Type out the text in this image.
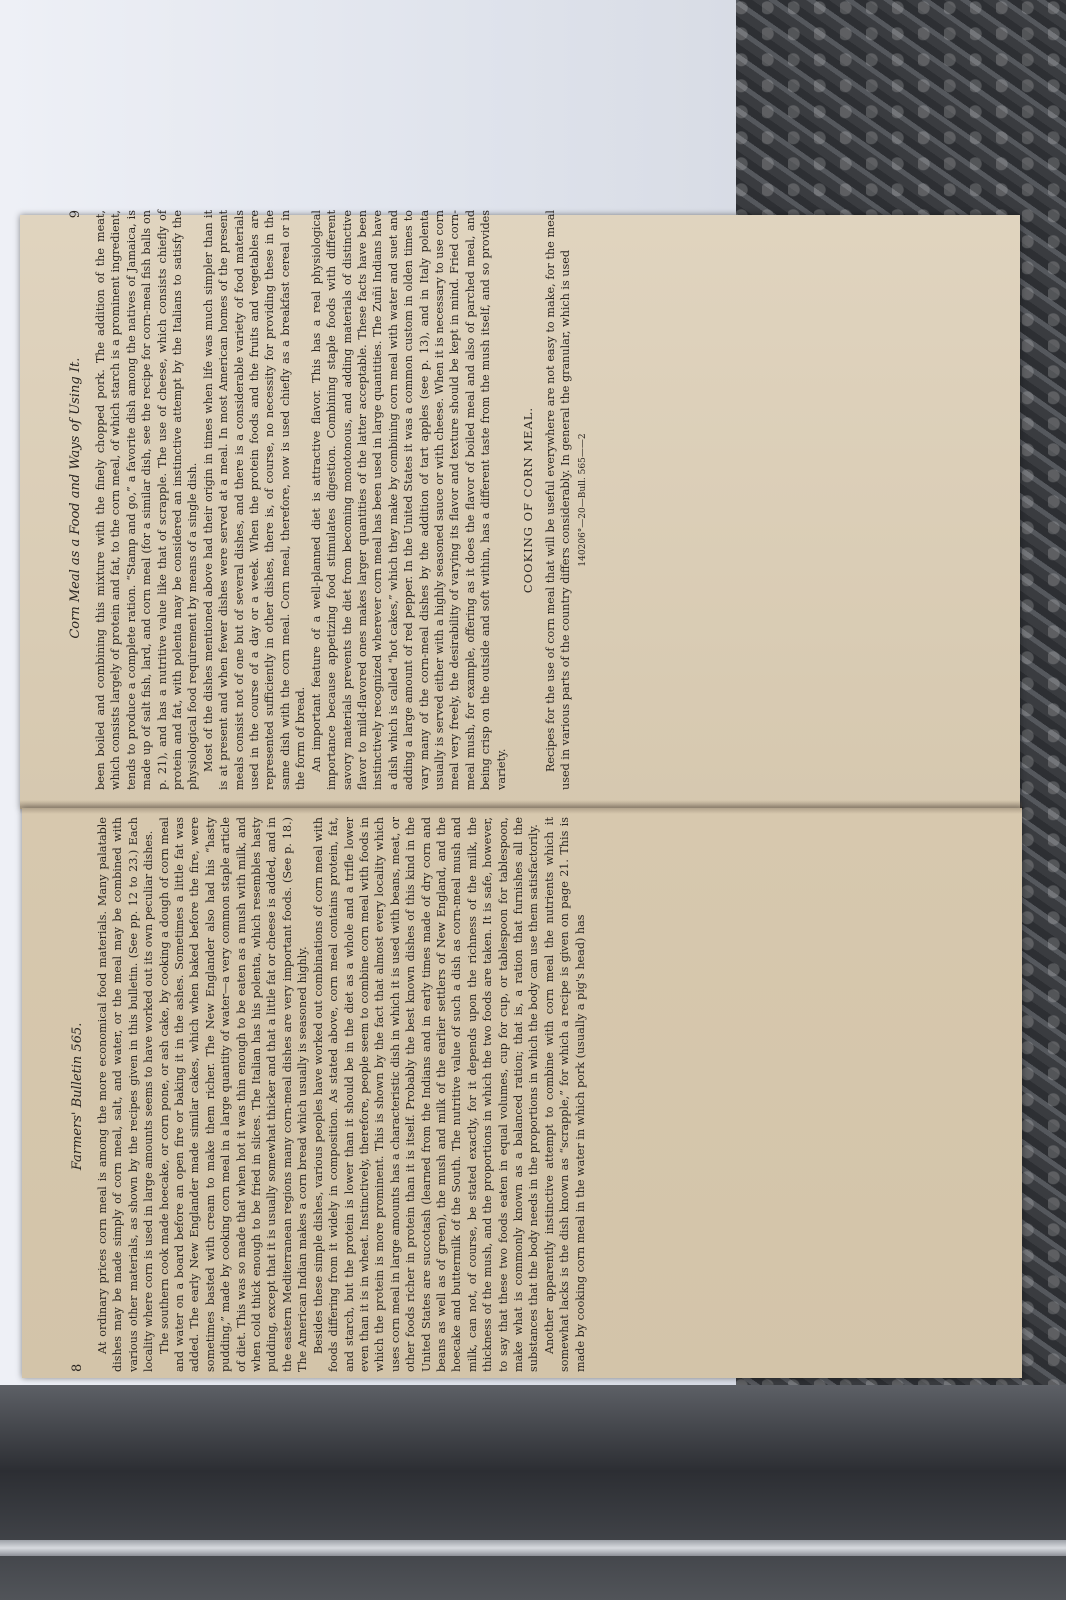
8
Farmers' Bulletin 565. At ordinary prices corn meal is among the more economical food materials. Many palatable dishes may be made simply of corn meal, salt, and water, or the meal may be combined with various other materials, as shown by the recipes given in this bulletin. (See pp. 12 to 23.) Each locality where corn is used in large amounts seems to have worked out its own peculiar dishes. The southern cook made hoecake, or corn pone, or ash cake, by cooking a dough of corn meal and water on a board before an open fire or baking it in the ashes. Sometimes a little fat was added. The early New Englander made similar cakes, which when baked before the fire, were sometimes basted with cream to make them richer. The New Englander also had his “hasty pudding,” made by cooking corn meal in a large quantity of water—a very common staple article of diet. This was so made that when hot it was thin enough to be eaten as a mush with milk, and when cold thick enough to be fried in slices. The Italian has his polenta, which resembles hasty pudding, except that it is usually somewhat thicker and that a little fat or cheese is added, and in the eastern Mediterranean regions many corn-meal dishes are very important foods. (See p. 18.) The American Indian makes a corn bread which usually is seasoned highly. Besides these simple dishes, various peoples have worked out combinations of corn meal with foods differing from it widely in composition. As stated above, corn meal contains protein, fat, and starch, but the protein is lower than it should be in the diet as a whole and a trifle lower even than it is in wheat. Instinctively, therefore, people seem to combine corn meal with foods in which the protein is more prominent. This is shown by the fact that almost every locality which uses corn meal in large amounts has a characteristic dish in which it is used with beans, meat, or other foods richer in protein than it is itself. Probably the best known dishes of this kind in the United States are succotash (learned from the Indians and in early times made of dry corn and beans as well as of green), the mush and milk of the earlier settlers of New England, and the hoecake and buttermilk of the South. The nutritive value of such a dish as corn-meal mush and milk, can not, of course, be stated exactly, for it depends upon the richness of the milk, the thickness of the mush, and the proportions in which the two foods are taken. It is safe, however, to say that these two foods eaten in equal volumes, cup for cup, or tablespoon for tablespoon, make what is commonly known as a balanced ration; that is, a ration that furnishes all the substances that the body needs in the proportions in which the body can use them satisfactorily. Another apparently instinctive attempt to combine with corn meal the nutrients which it somewhat lacks is the dish known as “scrapple,” for which a recipe is given on page 21. This is made by cooking corn meal in the water in which pork (usually a pig's head) has

Corn Meal as a Food and Ways of Using It.
9 been boiled and combining this mixture with the finely chopped pork. The addition of the meat, which consists largely of protein and fat, to the corn meal, of which starch is a prominent ingredient, tends to produce a complete ration. “Stamp and go,” a favorite dish among the natives of Jamaica, is made up of salt fish, lard, and corn meal (for a similar dish, see the recipe for corn-meal fish balls on p. 21), and has a nutritive value like that of scrapple. The use of cheese, which consists chiefly of protein and fat, with polenta may be considered an instinctive attempt by the Italians to satisfy the physiological food requirement by means of a single dish. Most of the dishes mentioned above had their origin in times when life was much simpler than it is at present and when fewer dishes were served at a meal. In most American homes of the present meals consist not of one but of several dishes, and there is a considerable variety of food materials used in the course of a day or a week. When the protein foods and the fruits and vegetables are represented sufficiently in other dishes, there is, of course, no necessity for providing these in the same dish with the corn meal. Corn meal, therefore, now is used chiefly as a breakfast cereal or in the form of bread. An important feature of a well-planned diet is attractive flavor. This has a real physiological importance because appetizing food stimulates digestion. Combining staple foods with different savory materials prevents the diet from becoming monotonous, and adding materials of distinctive flavor to mild-flavored ones makes larger quantities of the latter acceptable. These facts have been instinctively recognized wherever corn meal has been used in large quantities. The Zuñi Indians have a dish which is called “hot cakes,” which they make by combining corn meal with water and suet and adding a large amount of red pepper. In the United States it was a common custom in olden times to vary many of the corn-meal dishes by the addition of tart apples (see p. 13), and in Italy polenta usually is served either with a highly seasoned sauce or with cheese. When it is necessary to use corn meal very freely, the desirability of varying its flavor and texture should be kept in mind. Fried corn-meal mush, for example, offering as it does the flavor of boiled meal and also of parched meal, and being crisp on the outside and soft within, has a different taste from the mush itself, and so provides variety.

COOKING OF CORN MEAL. Recipes for the use of corn meal that will be useful everywhere are not easy to make, for the meal used in various parts of the country differs considerably. In general the granular, which is used 140206°—20—Bull. 565——2
